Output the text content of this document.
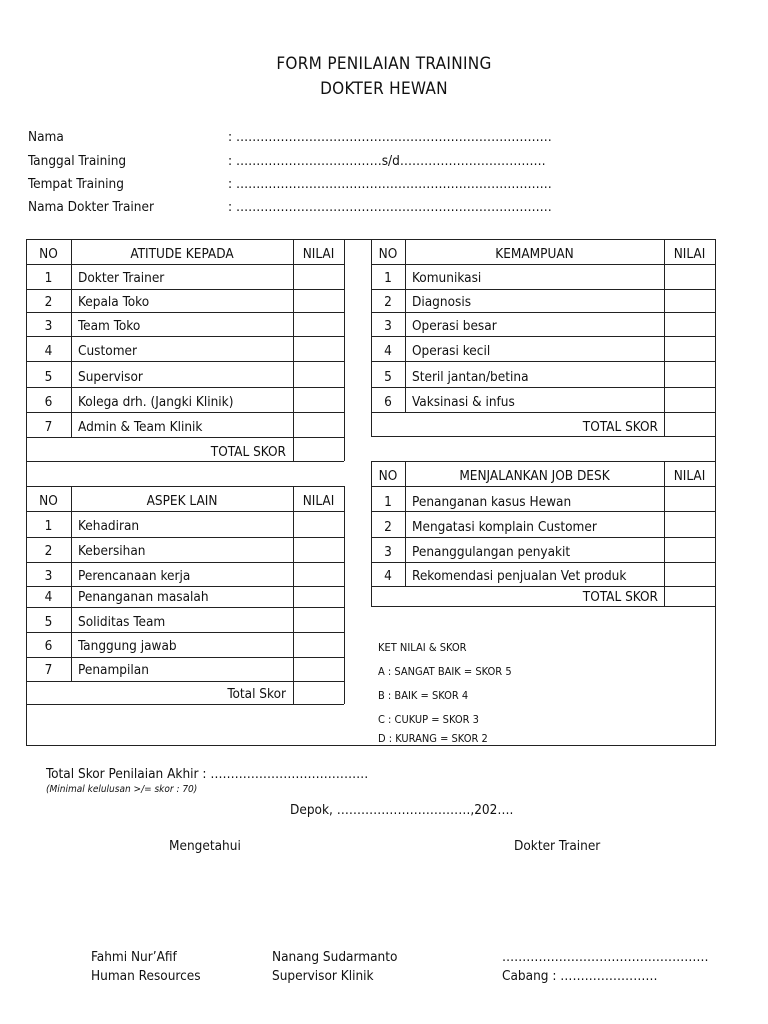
FORM PENILAIAN TRAINING
DOKTER HEWAN
Nama	: ……………………………………………………………………
Tanggal Training	: ………………………………s/d………………………………
Tempat Training	: ……………………………………………………………………
Nama Dokter Trainer	: ……………………………………………………………………
NO	ATITUDE KEPADA	NILAI
1	Dokter Trainer
2	Kepala Toko
3	Team Toko
4	Customer
5	Supervisor
6	Kolega drh. (Jangki Klinik)
7	Admin & Team Klinik
TOTAL SKOR
NO	ASPEK LAIN	NILAI
1	Kehadiran
2	Kebersihan
3	Perencanaan kerja
4	Penanganan masalah
5	Soliditas Team
6	Tanggung jawab
7	Penampilan
Total Skor
NO	KEMAMPUAN	NILAI
1	Komunikasi
2	Diagnosis
3	Operasi besar
4	Operasi kecil
5	Steril jantan/betina
6	Vaksinasi & infus
TOTAL SKOR
NO	MENJALANKAN JOB DESK	NILAI
1	Penanganan kasus Hewan
2	Mengatasi komplain Customer
3	Penanggulangan penyakit
4	Rekomendasi penjualan Vet produk
TOTAL SKOR
KET NILAI & SKOR
A : SANGAT BAIK = SKOR 5
B : BAIK = SKOR 4
C : CUKUP = SKOR 3
D : KURANG = SKOR 2
Total Skor Penilaian Akhir : …………………………………
(Minimal kelulusan >/= skor : 70)
Depok, ……………………………,202….
Mengetahui	Dokter Trainer
Fahmi Nur’Afif
Human Resources
Nanang Sudarmanto
Supervisor Klinik
……………………………………………
Cabang : ……………………
